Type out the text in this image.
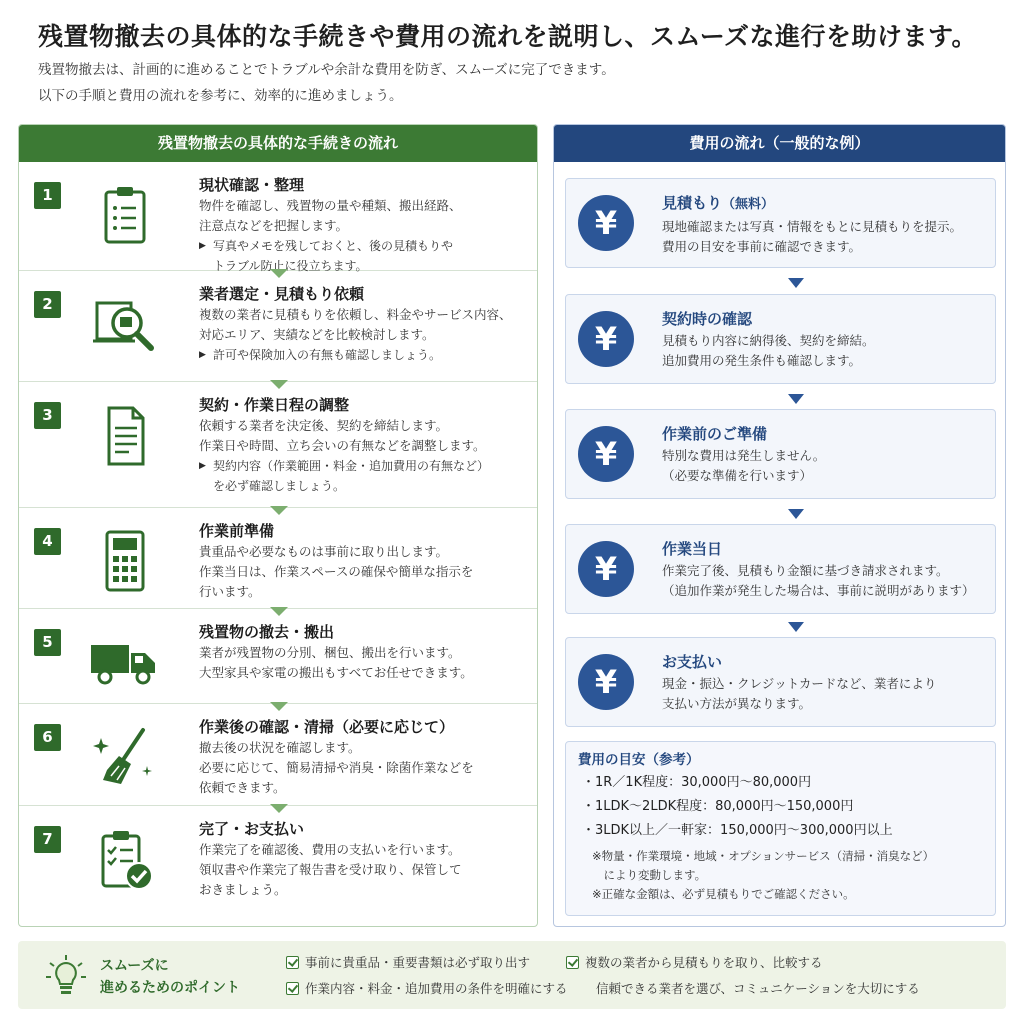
残置物撤去の具体的な手続きや費用の流れを説明し、スムーズな進行を助けます。
残置物撤去は、計画的に進めることでトラブルや余計な費用を防ぎ、スムーズに完了できます。
以下の手順と費用の流れを参考に、効率的に進めましょう。
残置物撤去の具体的な手続きの流れ
1
現状確認・整理
物件を確認し、残置物の量や種類、搬出経路、
注意点などを把握します。
▶ 写真やメモを残しておくと、後の見積もりや
トラブル防止に役立ちます。
2
業者選定・見積もり依頼
複数の業者に見積もりを依頼し、料金やサービス内容、
対応エリア、実績などを比較検討します。
▶ 許可や保険加入の有無も確認しましょう。
3
契約・作業日程の調整
依頼する業者を決定後、契約を締結します。
作業日や時間、立ち会いの有無などを調整します。
▶ 契約内容（作業範囲・料金・追加費用の有無など）
を必ず確認しましょう。
4
作業前準備
貴重品や必要なものは事前に取り出します。
作業当日は、作業スペースの確保や簡単な指示を
行います。
5
残置物の撤去・搬出
業者が残置物の分別、梱包、搬出を行います。
大型家具や家電の搬出もすべてお任せできます。
6
作業後の確認・清掃（必要に応じて）
撤去後の状況を確認します。
必要に応じて、簡易清掃や消臭・除菌作業などを
依頼できます。
7
完了・お支払い
作業完了を確認後、費用の支払いを行います。
領収書や作業完了報告書を受け取り、保管して
おきましょう。
費用の流れ（一般的な例）
¥
見積もり（無料）
現地確認または写真・情報をもとに見積もりを提示。
費用の目安を事前に確認できます。
¥
契約時の確認
見積もり内容に納得後、契約を締結。
追加費用の発生条件も確認します。
¥
作業前のご準備
特別な費用は発生しません。
（必要な準備を行います）
¥
作業当日
作業完了後、見積もり金額に基づき請求されます。
（追加作業が発生した場合は、事前に説明があります）
¥
お支払い
現金・振込・クレジットカードなど、業者により
支払い方法が異なります。
費用の目安（参考）
・1R／1K程度：30,000円〜80,000円
・1LDK〜2LDK程度：80,000円〜150,000円
・3LDK以上／一軒家：150,000円〜300,000円以上
※物量・作業環境・地域・オプションサービス（清掃・消臭など）
　により変動します。
※正確な金額は、必ず見積もりでご確認ください。
スムーズに
進めるためのポイント
事前に貴重品・重要書類は必ず取り出す	複数の業者から見積もりを取り、比較する
作業内容・料金・追加費用の条件を明確にする 信頼できる業者を選び、コミュニケーションを大切にする
